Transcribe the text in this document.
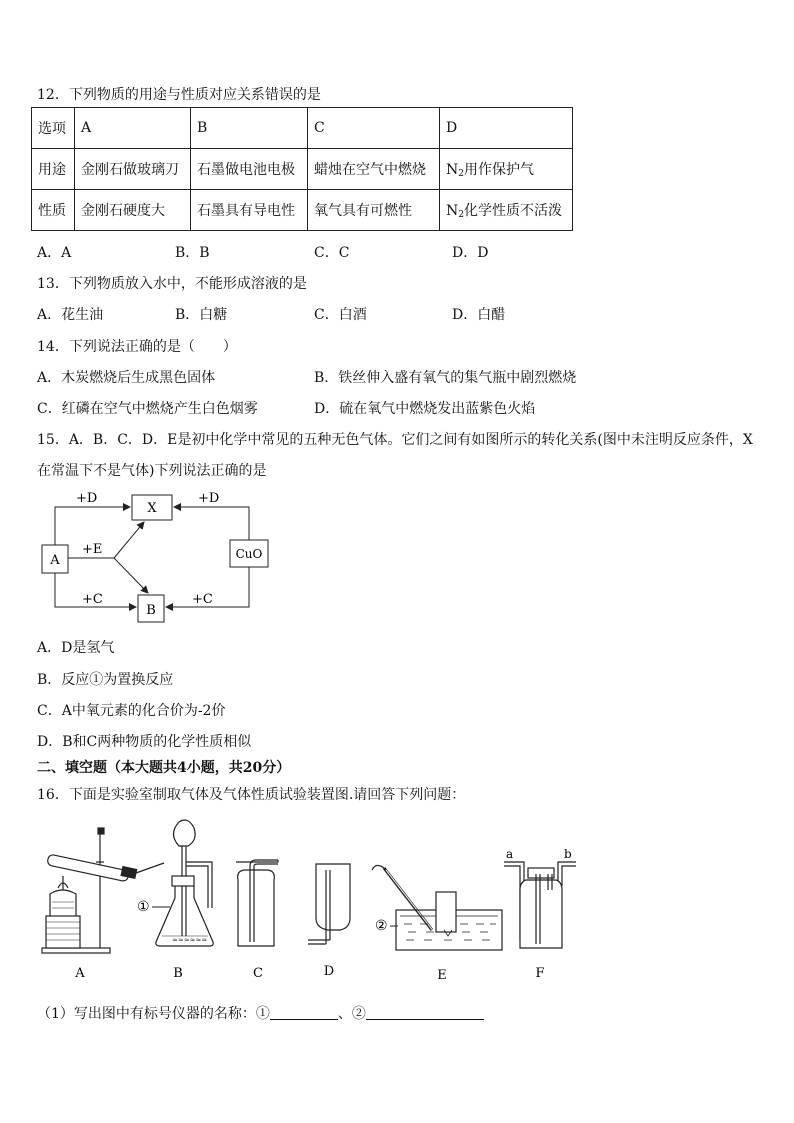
12．下列物质的用途与性质对应关系错误的是
选项	A	B	C	D
用途	金刚石做玻璃刀	石墨做电池电极	蜡烛在空气中燃烧	$N_2$用作保护气
性质	金刚石硬度大	石墨具有导电性	氧气具有可燃性	$N_2$化学性质不活泼
A．A	B．B	C．C	D．D
13．下列物质放入水中，不能形成溶液的是
A．花生油	B．白糖	C．白酒	D．白醋
14．下列说法正确的是（　　）
A．木炭燃烧后生成黑色固体	B．铁丝伸入盛有氧气的集气瓶中剧烈燃烧
C．红磷在空气中燃烧产生白色烟雾	D．硫在氧气中燃烧发出蓝紫色火焰
15．A．B．C．D．E是初中化学中常见的五种无色气体。它们之间有如图所示的转化关系(图中未注明反应条件，X
在常温下不是气体)下列说法正确的是
A
X
B
CuO
+D	+D
+E
+C	+C
A．D是氢气
B．反应①为置换反应
C．A中氧元素的化合价为-2价
D．B和C两种物质的化学性质相似
二、填空题（本大题共4小题，共20分）
16．下面是实验室制取气体及气体性质试验装置图.请回答下列问题：
A
≈≈≈≈≈≈
①
B	C	D
②
E
a	b
F
（1）写出图中有标号仪器的名称：①	、②
